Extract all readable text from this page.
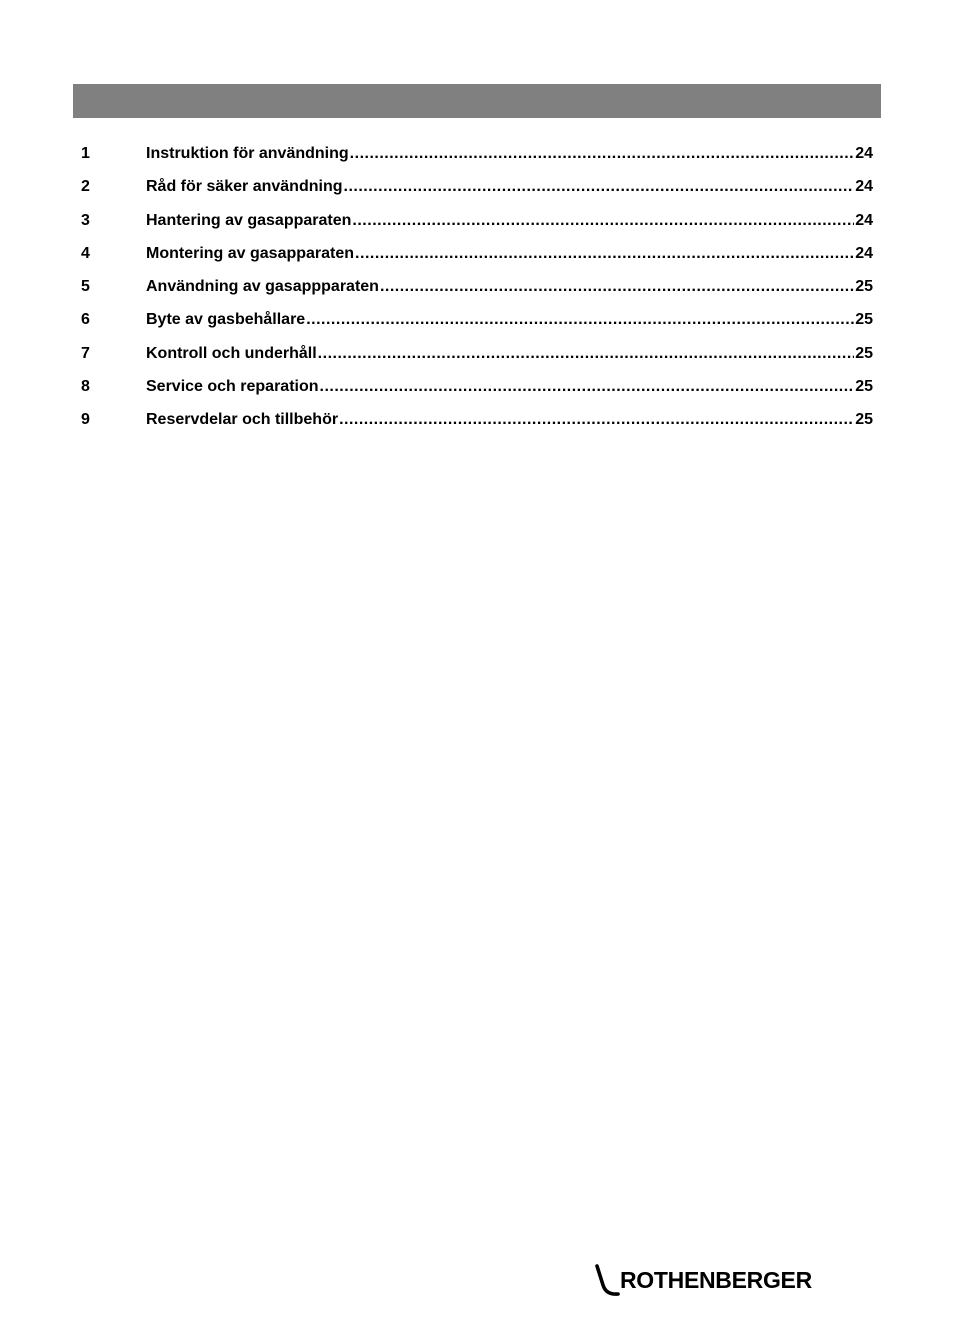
1	Instruktion för användning .....	24
2	Råd för säker användning .....	24
3	Hantering av gasapparaten .....	24
4	Montering av gasapparaten .....	24
5	Användning av gasappparaten .....	25
6	Byte av gasbehållare .....	25
7	Kontroll och underhåll .....	25
8	Service och reparation .....	25
9	Reservdelar och tillbehör .....	25
ROTHENBERGER
